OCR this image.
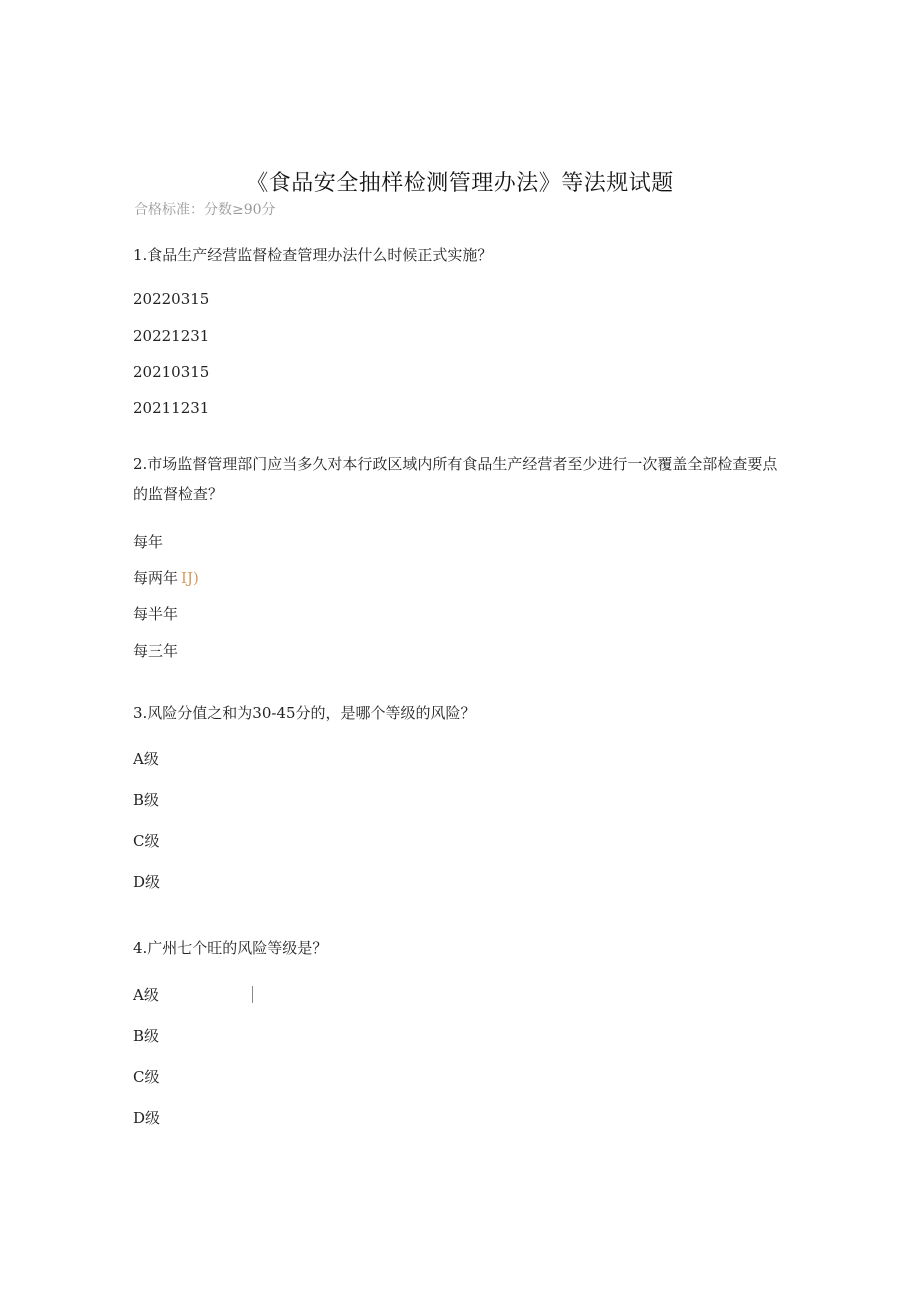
《食品安全抽样检测管理办法》等法规试题
合格标准：分数≥90分
1.食品生产经营监督检查管理办法什么时候正式实施？
20220315
20221231
20210315
20211231
2.市场监督管理部门应当多久对本行政区域内所有食品生产经营者至少进行一次覆盖全部检查要点的监督检查？
每年
每两年 IJ)
每半年
每三年
3.风险分值之和为30-45分的，是哪个等级的风险？
A级
B级
C级
D级
4.广州七个旺的风险等级是？
A级
B级
C级
D级
